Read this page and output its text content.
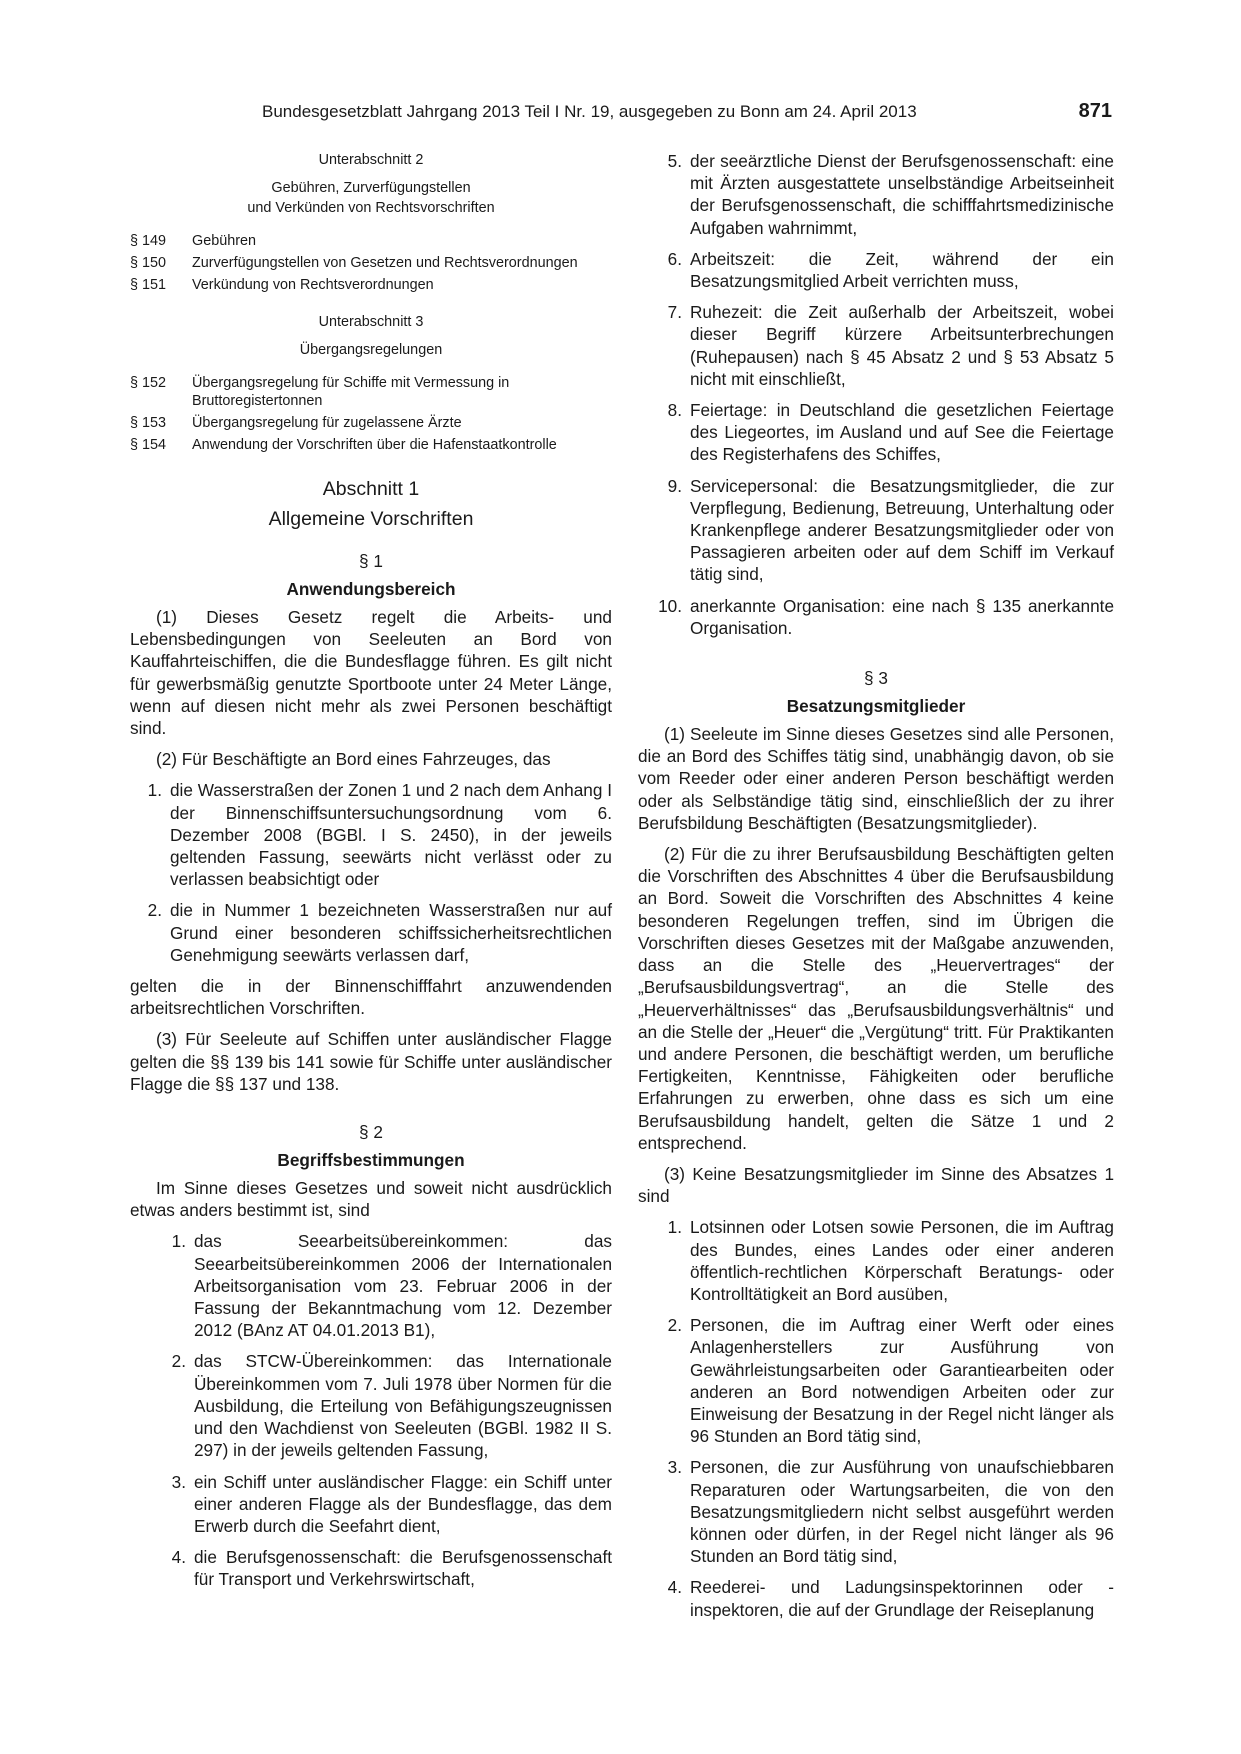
Bundesgesetzblatt Jahrgang 2013 Teil I Nr. 19, ausgegeben zu Bonn am 24. April 2013	871
Unterabschnitt 2
Gebühren, Zurverfügungstellen
und Verkünden von Rechtsvorschriften
§ 149	Gebühren
§ 150	Zurverfügungstellen von Gesetzen und Rechtsverordnungen
§ 151	Verkündung von Rechtsverordnungen
Unterabschnitt 3
Übergangsregelungen
§ 152	Übergangsregelung für Schiffe mit Vermessung in Bruttoregistertonnen
§ 153	Übergangsregelung für zugelassene Ärzte
§ 154	Anwendung der Vorschriften über die Hafenstaatkontrolle
Abschnitt 1
Allgemeine Vorschriften
§ 1
Anwendungsbereich

(1) Dieses Gesetz regelt die Arbeits- und Lebensbedingungen von Seeleuten an Bord von Kauffahrteischiffen, die die Bundesflagge führen. Es gilt nicht für gewerbsmäßig genutzte Sportboote unter 24 Meter Länge, wenn auf diesen nicht mehr als zwei Personen beschäftigt sind.

(2) Für Beschäftigte an Bord eines Fahrzeuges, das

1. die Wasserstraßen der Zonen 1 und 2 nach dem Anhang I der Binnenschiffsuntersuchungsordnung vom 6. Dezember 2008 (BGBl. I S. 2450), in der jeweils geltenden Fassung, seewärts nicht verlässt oder zu verlassen beabsichtigt oder
2. die in Nummer 1 bezeichneten Wasserstraßen nur auf Grund einer besonderen schiffssicherheitsrechtlichen Genehmigung seewärts verlassen darf,

gelten die in der Binnenschifffahrt anzuwendenden arbeitsrechtlichen Vorschriften.

(3) Für Seeleute auf Schiffen unter ausländischer Flagge gelten die §§ 139 bis 141 sowie für Schiffe unter ausländischer Flagge die §§ 137 und 138.

§ 2
Begriffsbestimmungen

Im Sinne dieses Gesetzes und soweit nicht ausdrücklich etwas anders bestimmt ist, sind

1. das Seearbeitsübereinkommen: das Seearbeitsübereinkommen 2006 der Internationalen Arbeitsorganisation vom 23. Februar 2006 in der Fassung der Bekanntmachung vom 12. Dezember 2012 (BAnz AT 04.01.2013 B1),
2. das STCW-Übereinkommen: das Internationale Übereinkommen vom 7. Juli 1978 über Normen für die Ausbildung, die Erteilung von Befähigungszeugnissen und den Wachdienst von Seeleuten (BGBl. 1982 II S. 297) in der jeweils geltenden Fassung,
3. ein Schiff unter ausländischer Flagge: ein Schiff unter einer anderen Flagge als der Bundesflagge, das dem Erwerb durch die Seefahrt dient,
4. die Berufsgenossenschaft: die Berufsgenossenschaft für Transport und Verkehrswirtschaft,
5. der seeärztliche Dienst der Berufsgenossenschaft: eine mit Ärzten ausgestattete unselbständige Arbeitseinheit der Berufsgenossenschaft, die schifffahrtsmedizinische Aufgaben wahrnimmt,
6. Arbeitszeit: die Zeit, während der ein Besatzungsmitglied Arbeit verrichten muss,
7. Ruhezeit: die Zeit außerhalb der Arbeitszeit, wobei dieser Begriff kürzere Arbeitsunterbrechungen (Ruhepausen) nach § 45 Absatz 2 und § 53 Absatz 5 nicht mit einschließt,
8. Feiertage: in Deutschland die gesetzlichen Feiertage des Liegeortes, im Ausland und auf See die Feiertage des Registerhafens des Schiffes,
9. Servicepersonal: die Besatzungsmitglieder, die zur Verpflegung, Bedienung, Betreuung, Unterhaltung oder Krankenpflege anderer Besatzungsmitglieder oder von Passagieren arbeiten oder auf dem Schiff im Verkauf tätig sind,
10. anerkannte Organisation: eine nach § 135 anerkannte Organisation.
§ 3
Besatzungsmitglieder

(1) Seeleute im Sinne dieses Gesetzes sind alle Personen, die an Bord des Schiffes tätig sind, unabhängig davon, ob sie vom Reeder oder einer anderen Person beschäftigt werden oder als Selbständige tätig sind, einschließlich der zu ihrer Berufsbildung Beschäftigten (Besatzungsmitglieder).

(2) Für die zu ihrer Berufsausbildung Beschäftigten gelten die Vorschriften des Abschnittes 4 über die Berufsausbildung an Bord. Soweit die Vorschriften des Abschnittes 4 keine besonderen Regelungen treffen, sind im Übrigen die Vorschriften dieses Gesetzes mit der Maßgabe anzuwenden, dass an die Stelle des „Heuervertrages“ der „Berufsausbildungsvertrag“, an die Stelle des „Heuerverhältnisses“ das „Berufsausbildungsverhältnis“ und an die Stelle der „Heuer“ die „Vergütung“ tritt. Für Praktikanten und andere Personen, die beschäftigt werden, um berufliche Fertigkeiten, Kenntnisse, Fähigkeiten oder berufliche Erfahrungen zu erwerben, ohne dass es sich um eine Berufsausbildung handelt, gelten die Sätze 1 und 2 entsprechend.

(3) Keine Besatzungsmitglieder im Sinne des Absatzes 1 sind

1. Lotsinnen oder Lotsen sowie Personen, die im Auftrag des Bundes, eines Landes oder einer anderen öffentlich-rechtlichen Körperschaft Beratungs- oder Kontrolltätigkeit an Bord ausüben,
2. Personen, die im Auftrag einer Werft oder eines Anlagenherstellers zur Ausführung von Gewährleistungsarbeiten oder Garantiearbeiten oder anderen an Bord notwendigen Arbeiten oder zur Einweisung der Besatzung in der Regel nicht länger als 96 Stunden an Bord tätig sind,
3. Personen, die zur Ausführung von unaufschiebbaren Reparaturen oder Wartungsarbeiten, die von den Besatzungsmitgliedern nicht selbst ausgeführt werden können oder dürfen, in der Regel nicht länger als 96 Stunden an Bord tätig sind,
4. Reederei- und Ladungsinspektorinnen oder -inspektoren, die auf der Grundlage der Reiseplanung
